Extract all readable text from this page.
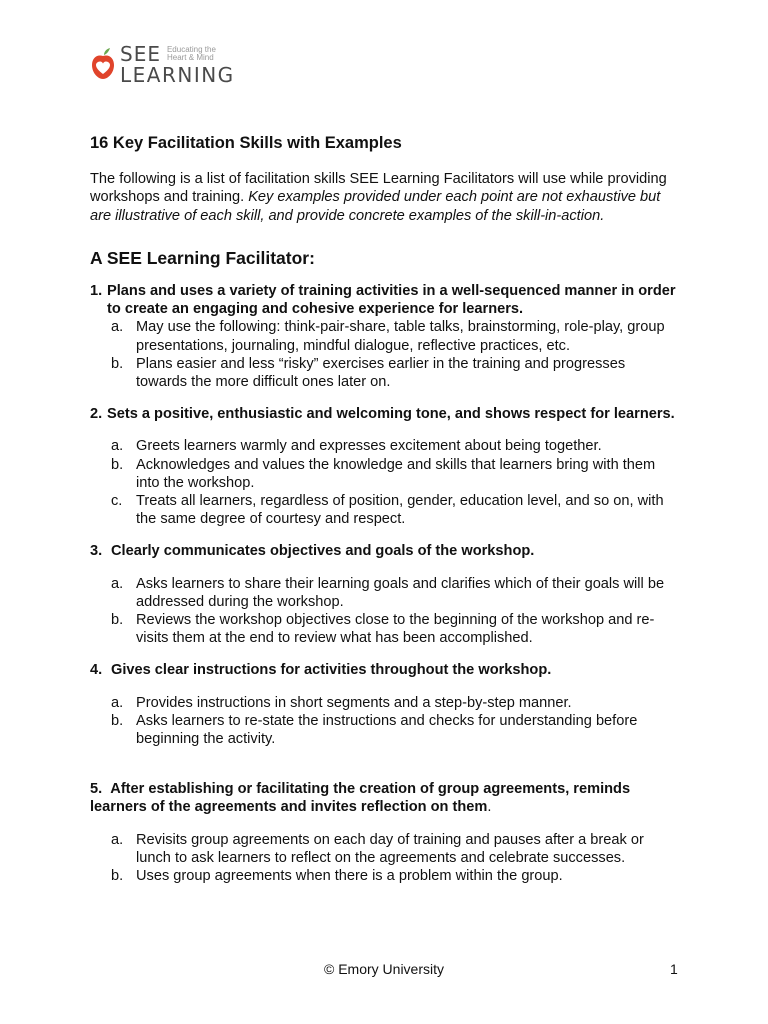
SEE Educating the
Heart & Mind
LEARNING
16 Key Facilitation Skills with Examples

The following is a list of facilitation skills SEE Learning Facilitators will use while providing workshops and training. Key examples provided under each point are not exhaustive but are illustrative of each skill, and provide concrete examples of the skill-in-action.

A SEE Learning Facilitator:
1. Plans and uses a variety of training activities in a well-sequenced manner in order to create an engaging and cohesive experience for learners.
a. May use the following: think-pair-share, table talks, brainstorming, role-play, group presentations, journaling, mindful dialogue, reflective practices, etc.
b. Plans easier and less “risky” exercises earlier in the training and progresses towards the more difficult ones later on.
2. Sets a positive, enthusiastic and welcoming tone, and shows respect for learners.
a. Greets learners warmly and expresses excitement about being together.
b. Acknowledges and values the knowledge and skills that learners bring with them into the workshop.
c. Treats all learners, regardless of position, gender, education level, and so on, with the same degree of courtesy and respect.
3. Clearly communicates objectives and goals of the workshop.
a. Asks learners to share their learning goals and clarifies which of their goals will be addressed during the workshop.
b. Reviews the workshop objectives close to the beginning of the workshop and re-visits them at the end to review what has been accomplished.
4. Gives clear instructions for activities throughout the workshop.
a. Provides instructions in short segments and a step-by-step manner.
b. Asks learners to re-state the instructions and checks for understanding before beginning the activity.
5. After establishing or facilitating the creation of group agreements, reminds learners of the agreements and invites reflection on them.
a. Revisits group agreements on each day of training and pauses after a break or lunch to ask learners to reflect on the agreements and celebrate successes.
b. Uses group agreements when there is a problem within the group.
© Emory University	1
